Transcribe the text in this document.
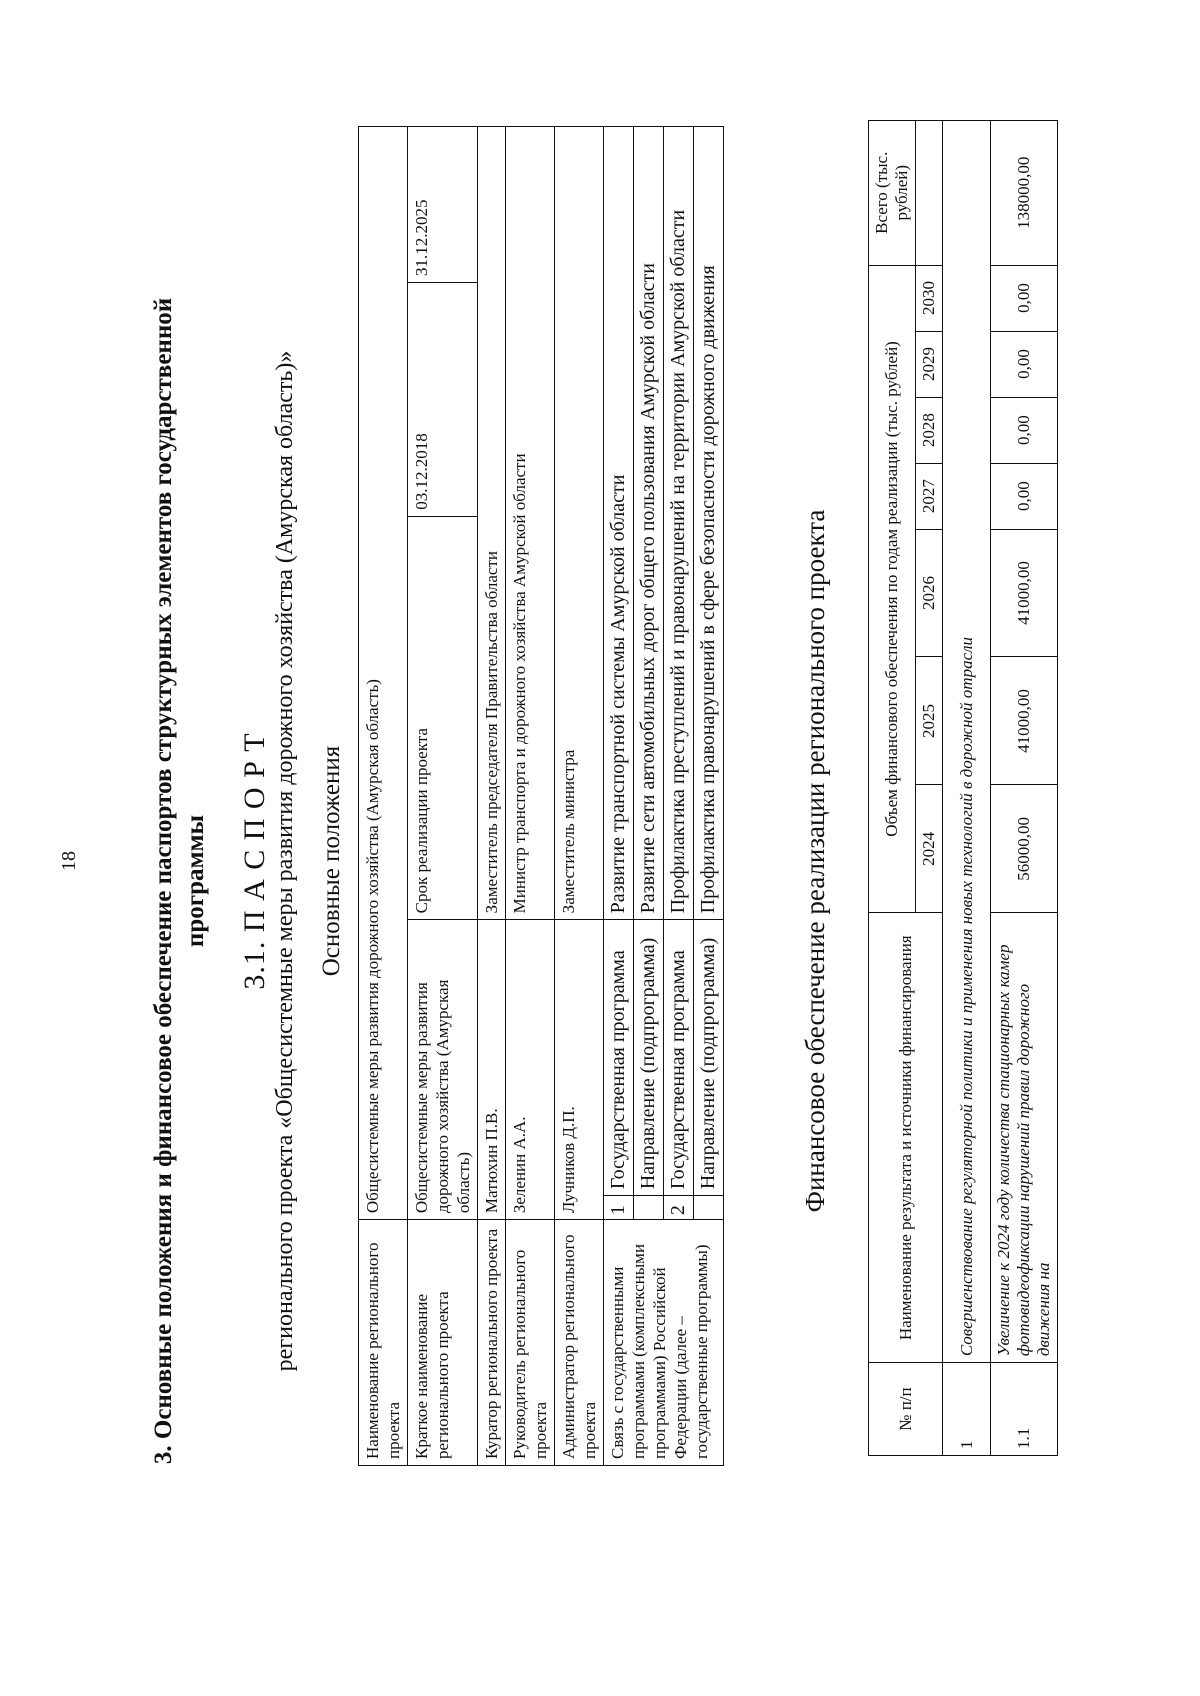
18	3. Основные положения и финансовое обеспечение паспортов структурных элементов государственной программы 3.1. П А С П О Р Т регионального проекта «Общесистемные меры развития дорожного хозяйства (Амурская область)» Основные положения
Наименование регионального проекта	Общесистемные меры развития дорожного хозяйства (Амурская область)				
Краткое наименование регионального проекта	Общесистемные меры развития дорожного хозяйства (Амурская область)		Срок реализации проекта	03.12.2018	31.12.2025
Куратор регионального проекта	Матюхин П.В.		Заместитель председателя Правительства области		
Руководитель регионального проекта	Зеленин А.А.		Министр транспорта и дорожного хозяйства Амурской области		
Администратор регионального проекта	Лучников Д.П.		Заместитель министра		
Связь с государственными программами (комплексными программами) Российской Федерации (далее – государственные программы)	1	Государственная программа	Развитие транспортной системы Амурской области		
		Направление (подпрограмма)	Развитие сети автомобильных дорог общего пользования Амурской области		
	2	Государственная программа	Профилактика преступлений и правонарушений на территории Амурской области		
		Направление (подпрограмма)	Профилактика правонарушений в сфере безопасности дорожного движения			Финансовое обеспечение реализации регионального проекта
№ п/п	Наименование результата и источники финансирования	Объем финансового обеспечения по годам реализации (тыс. рублей)							Всего (тыс. рублей)
		2024	2025	2026	2027	2028	2029	2030	
1	Совершенствование регуляторной политики и применения новых технологий в дорожной отрасли								
1.1	Увеличение к 2024 году количества стационарных камер фотовидеофиксации нарушений правил дорожного движения на	56000,00	41000,00	41000,00	0,00	0,00	0,00	0,00	138000,00
